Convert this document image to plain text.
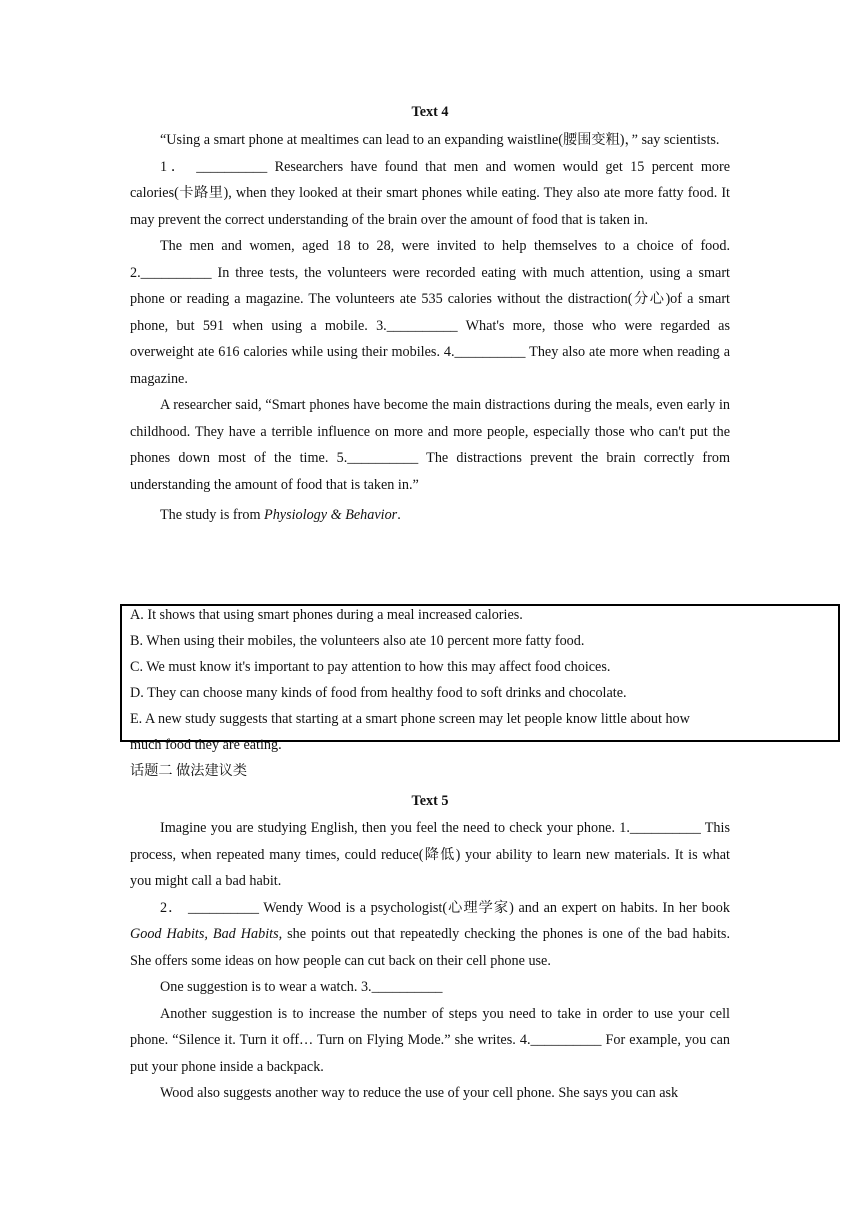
Text 4

“Using a smart phone at mealtimes can lead to an expanding waistline(腰围变粗)，” say scientists.

1． __________ Researchers have found that men and women would get 15 percent more calories(卡路里), when they looked at their smart phones while eating. They also ate more fatty food. It may prevent the correct understanding of the brain over the amount of food that is taken in.

The men and women, aged 18 to 28, were invited to help themselves to a choice of food. 2.__________ In three tests, the volunteers were recorded eating with much attention, using a smart phone or reading a magazine. The volunteers ate 535 calories without the distraction(分心)of a smart phone, but 591 when using a mobile. 3.__________ What's more, those who were regarded as overweight ate 616 calories while using their mobiles. 4.__________ They also ate more when reading a magazine.

A researcher said, “Smart phones have become the main distractions during the meals, even early in childhood. They have a terrible influence on more and more people, especially those who can't put the phones down most of the time. 5.__________ The distractions prevent the brain correctly from understanding the amount of food that is taken in.”

The study is from Physiology & Behavior.

A. It shows that using smart phones during a meal increased calories.

B. When using their mobiles, the volunteers also ate 10 percent more fatty food.

C. We must know it's important to pay attention to how this may affect food choices.

D. They can choose many kinds of food from healthy food to soft drinks and chocolate.

E. A new study suggests that starting at a smart phone screen may let people know little about how

much food they are eating.

话题二 做法建议类

Text 5

Imagine you are studying English, then you feel the need to check your phone. 1.__________ This process, when repeated many times, could reduce(降低) your ability to learn new materials. It is what you might call a bad habit.

2． __________ Wendy Wood is a psychologist(心理学家) and an expert on habits. In her book Good Habits, Bad Habits, she points out that repeatedly checking the phones is one of the bad habits. She offers some ideas on how people can cut back on their cell phone use.

One suggestion is to wear a watch. 3.__________

Another suggestion is to increase the number of steps you need to take in order to use your cell phone. “Silence it. Turn it off… Turn on Flying Mode.” she writes. 4.__________ For example, you can put your phone inside a backpack.

Wood also suggests another way to reduce the use of your cell phone. She says you can ask
